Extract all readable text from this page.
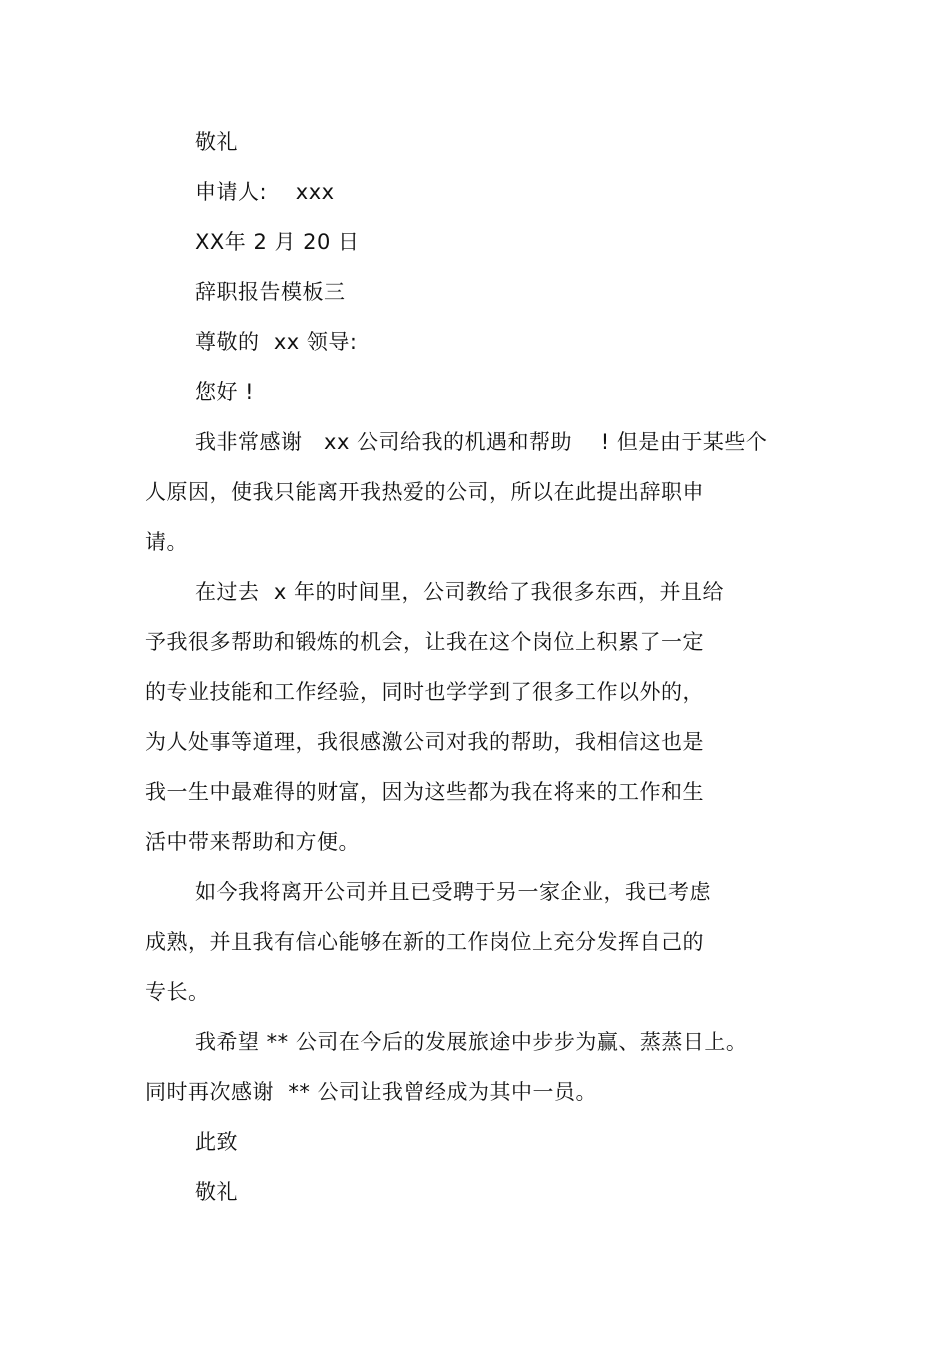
敬礼
申请人:    xxx
XX年 2 月 20 日
辞职报告模板三
尊敬的  xx 领导:
您好 !
我非常感谢   xx 公司给我的机遇和帮助    ! 但是由于某些个
人原因，使我只能离开我热爱的公司，所以在此提出辞职申
请。
在过去  x 年的时间里，公司教给了我很多东西，并且给
予我很多帮助和锻炼的机会，让我在这个岗位上积累了一定
的专业技能和工作经验，同时也学学到了很多工作以外的，
为人处事等道理，我很感激公司对我的帮助，我相信这也是
我一生中最难得的财富，因为这些都为我在将来的工作和生
活中带来帮助和方便。
如今我将离开公司并且已受聘于另一家企业，我已考虑
成熟，并且我有信心能够在新的工作岗位上充分发挥自己的
专长。
我希望 ** 公司在今后的发展旅途中步步为赢、蒸蒸日上。
同时再次感谢  ** 公司让我曾经成为其中一员。
此致
敬礼
